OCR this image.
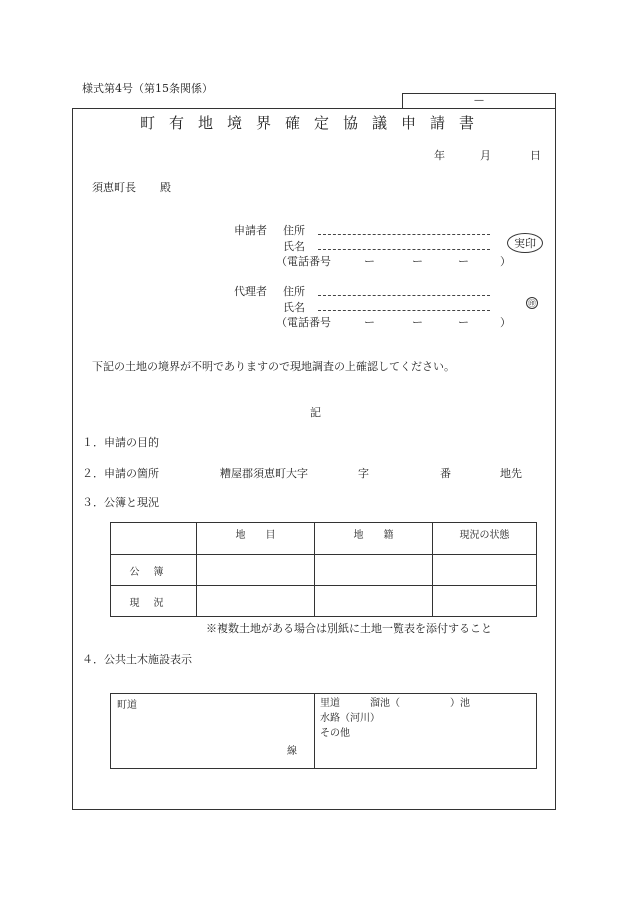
様式第4号（第15条関係）
—
町有地境界確定協議申請書
年	月	日
須恵町長 殿
申請者 住所
氏名	実印
（電話番号	ー	ー	ー	）
代理者 住所
氏名	㊞
（電話番号	ー	ー	ー	）
下記の土地の境界が不明でありますので現地調査の上確認してください。
記
１．申請の目的
２．申請の箇所	糟屋郡須恵町大字	字	番	地先
３．公簿と現況
	地　　目	地　　籍	現況の状態
公簿			
現況			
※複数土地がある場合は別紙に土地一覧表を添付すること
４．公共土木施設表示
町道
線

里道　　　溜池（　　　　　）池
水路（河川）
その他
